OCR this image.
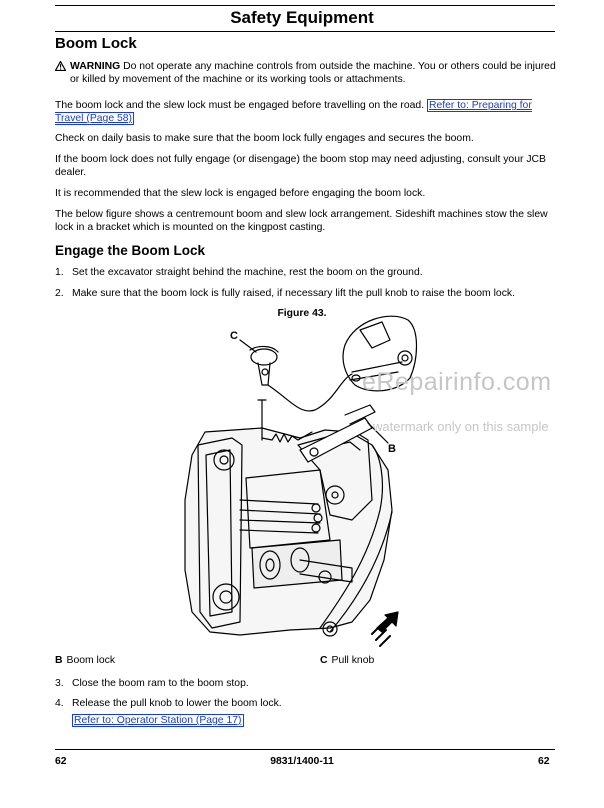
Safety Equipment
Boom Lock
WARNING Do not operate any machine controls from outside the machine. You or others could be injured or killed by movement of the machine or its working tools or attachments.
The boom lock and the slew lock must be engaged before travelling on the road. Refer to: Preparing for Travel (Page 58)
Check on daily basis to make sure that the boom lock fully engages and secures the boom.
If the boom lock does not fully engage (or disengage) the boom stop may need adjusting, consult your JCB dealer.
It is recommended that the slew lock is engaged before engaging the boom lock.
The below figure shows a centremount boom and slew lock arrangement. Sideshift machines stow the slew lock in a bracket which is mounted on the kingpost casting.
Engage the Boom Lock
1. Set the excavator straight behind the machine, rest the boom on the ground.
2. Make sure that the boom lock is fully raised, if necessary lift the pull knob to raise the boom lock.
Figure 43.
C
B
eRepairinfo.com
watermark only on this sample
B Boom lock	C Pull knob
3. Close the boom ram to the boom stop.
4. Release the pull knob to lower the boom lock.
Refer to: Operator Station (Page 17)
62	9831/1400-11	62
